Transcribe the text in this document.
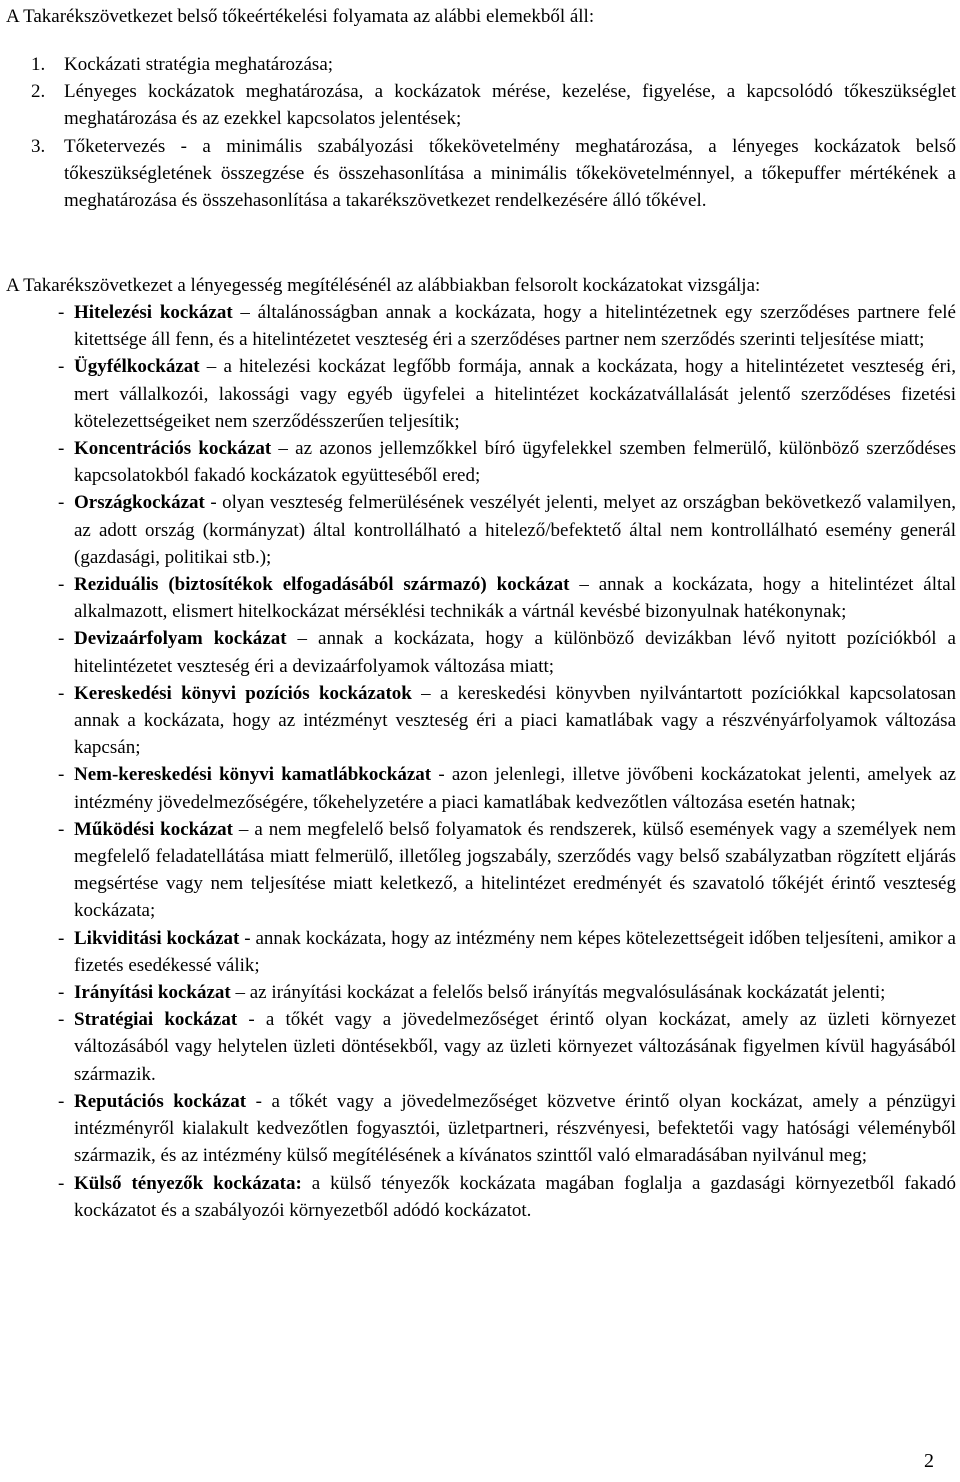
A Takarékszövetkezet belső tőkeértékelési folyamata az alábbi elemekből áll:

1. Kockázati stratégia meghatározása;
2. Lényeges kockázatok meghatározása, a kockázatok mérése, kezelése, figyelése, a kapcsolódó tőkeszükséglet meghatározása és az ezekkel kapcsolatos jelentések;
3. Tőketervezés - a minimális szabályozási tőkekövetelmény meghatározása, a lényeges kockázatok belső tőkeszükségletének összegzése és összehasonlítása a minimális tőkekövetelménnyel, a tőkepuffer mértékének a meghatározása és összehasonlítása a takarékszövetkezet rendelkezésére álló tőkével.

A Takarékszövetkezet a lényegesség megítélésénél az alábbiakban felsorolt kockázatokat vizsgálja:

- Hitelezési kockázat – általánosságban annak a kockázata, hogy a hitelintézetnek egy szerződéses partnere felé kitettsége áll fenn, és a hitelintézetet veszteség éri a szerződéses partner nem szerződés szerinti teljesítése miatt;
- Ügyfélkockázat – a hitelezési kockázat legfőbb formája, annak a kockázata, hogy a hitelintézetet veszteség éri, mert vállalkozói, lakossági vagy egyéb ügyfelei a hitelintézet kockázatvállalását jelentő szerződéses fizetési kötelezettségeiket nem szerződésszerűen teljesítik;
- Koncentrációs kockázat – az azonos jellemzőkkel bíró ügyfelekkel szemben felmerülő, különböző szerződéses kapcsolatokból fakadó kockázatok együtteséből ered;
- Országkockázat - olyan veszteség felmerülésének veszélyét jelenti, melyet az országban bekövetkező valamilyen, az adott ország (kormányzat) által kontrollálható a hitelező/befektető által nem kontrollálható esemény generál (gazdasági, politikai stb.);
- Reziduális (biztosítékok elfogadásából származó) kockázat – annak a kockázata, hogy a hitelintézet által alkalmazott, elismert hitelkockázat mérséklési technikák a vártnál kevésbé bizonyulnak hatékonynak;
- Devizaárfolyam kockázat – annak a kockázata, hogy a különböző devizákban lévő nyitott pozíciókból a hitelintézetet veszteség éri a devizaárfolyamok változása miatt;
- Kereskedési könyvi pozíciós kockázatok – a kereskedési könyvben nyilvántartott pozíciókkal kapcsolatosan annak a kockázata, hogy az intézményt veszteség éri a piaci kamatlábak vagy a részvényárfolyamok változása kapcsán;
- Nem-kereskedési könyvi kamatlábkockázat - azon jelenlegi, illetve jövőbeni kockázatokat jelenti, amelyek az intézmény jövedelmezőségére, tőkehelyzetére a piaci kamatlábak kedvezőtlen változása esetén hatnak;
- Működési kockázat – a nem megfelelő belső folyamatok és rendszerek, külső események vagy a személyek nem megfelelő feladatellátása miatt felmerülő, illetőleg jogszabály, szerződés vagy belső szabályzatban rögzített eljárás megsértése vagy nem teljesítése miatt keletkező, a hitelintézet eredményét és szavatoló tőkéjét érintő veszteség kockázata;
- Likviditási kockázat - annak kockázata, hogy az intézmény nem képes kötelezettségeit időben teljesíteni, amikor a fizetés esedékessé válik;
- Irányítási kockázat – az irányítási kockázat a felelős belső irányítás megvalósulásának kockázatát jelenti;
- Stratégiai kockázat - a tőkét vagy a jövedelmezőséget érintő olyan kockázat, amely az üzleti környezet változásából vagy helytelen üzleti döntésekből, vagy az üzleti környezet változásának figyelmen kívül hagyásából származik.
- Reputációs kockázat - a tőkét vagy a jövedelmezőséget közvetve érintő olyan kockázat, amely a pénzügyi intézményről kialakult kedvezőtlen fogyasztói, üzletpartneri, részvényesi, befektetői vagy hatósági véleményből származik, és az intézmény külső megítélésének a kívánatos szinttől való elmaradásában nyilvánul meg;
- Külső tényezők kockázata: a külső tényezők kockázata magában foglalja a gazdasági környezetből fakadó kockázatot és a szabályozói környezetből adódó kockázatot.
2
